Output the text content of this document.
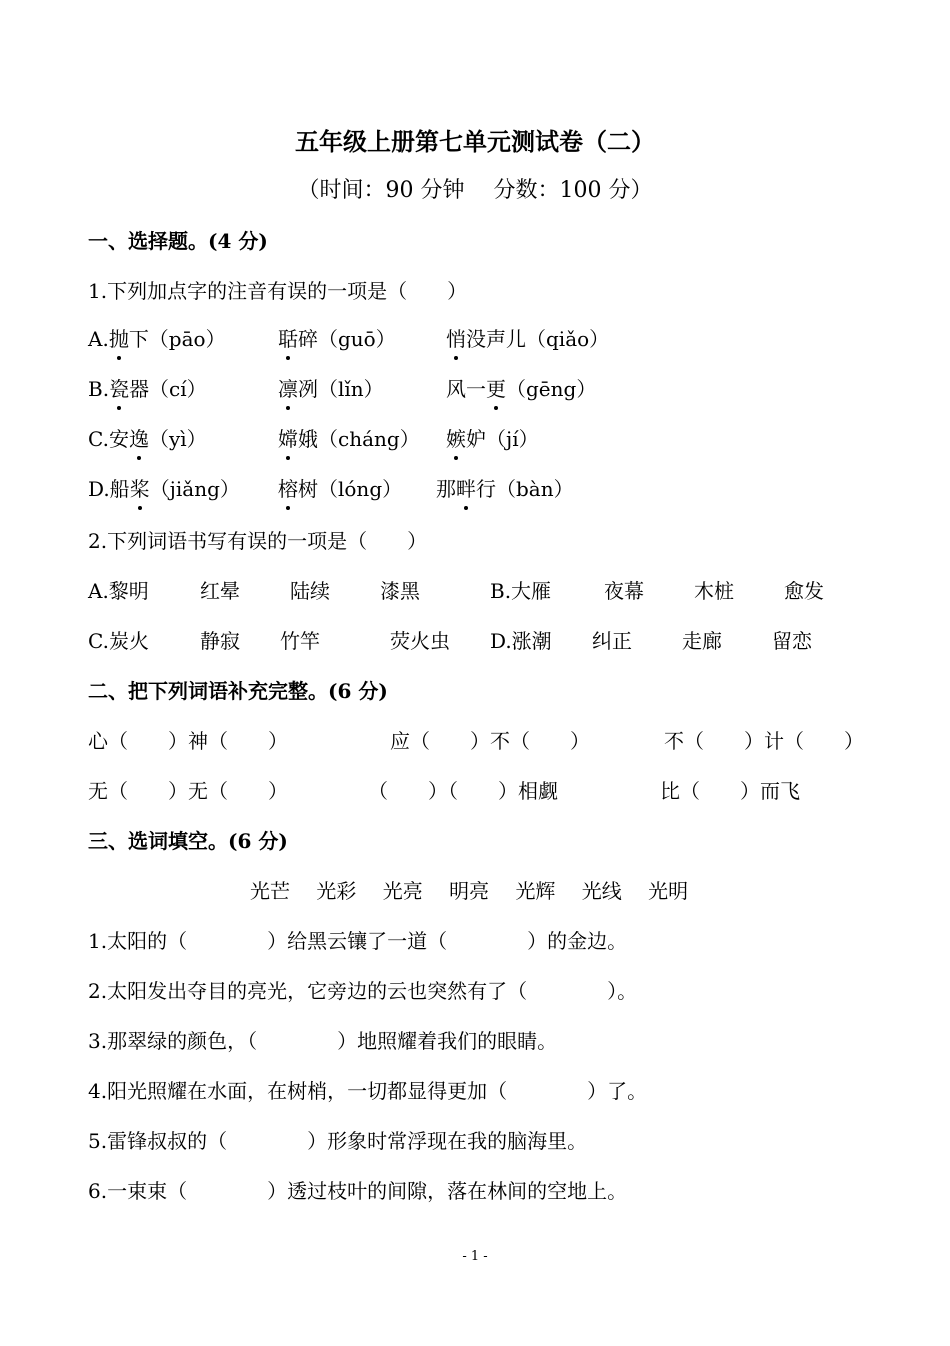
五年级上册第七单元测试卷（二）
（时间：90 分钟　 分数：100 分）
一、选择题。(4 分)
1.下列加点字的注音有误的一项是（　　）
A.抛下（pāo）	聒碎（guō）	悄没声儿（qiǎo）
B.瓷器（cí）	凛冽（lǐn）	风一更（gēng）
C.安逸（yì）	嫦娥（cháng） 嫉妒（jí）
D.船桨（jiǎng） 榕树（lóng） 那畔行（bàn）
2.下列词语书写有误的一项是（　　）
A.黎明	红晕	陆续	漆黑	B.大雁	夜幕	木桩	愈发
C.炭火	静寂 竹竿	荧火虫 D.涨潮 纠正	走廊	留恋
二、把下列词语补充完整。(6 分)
心（　　）神（　　）	应（　　）不（　　）	不（　　）计（　　）
无（　　）无（　　）	（　　）（　　）相觑	比（　　）而飞
三、选词填空。(6 分)
光芒 光彩 光亮 明亮 光辉 光线 光明
1.太阳的（　　　　）给黑云镶了一道（　　　　）的金边。
2.太阳发出夺目的亮光，它旁边的云也突然有了（　　　　）。
3.那翠绿的颜色，（　　　　）地照耀着我们的眼睛。
4.阳光照耀在水面，在树梢，一切都显得更加（　　　　）了。
5.雷锋叔叔的（　　　　）形象时常浮现在我的脑海里。
6.一束束（　　　　）透过枝叶的间隙，落在林间的空地上。
- 1 -
